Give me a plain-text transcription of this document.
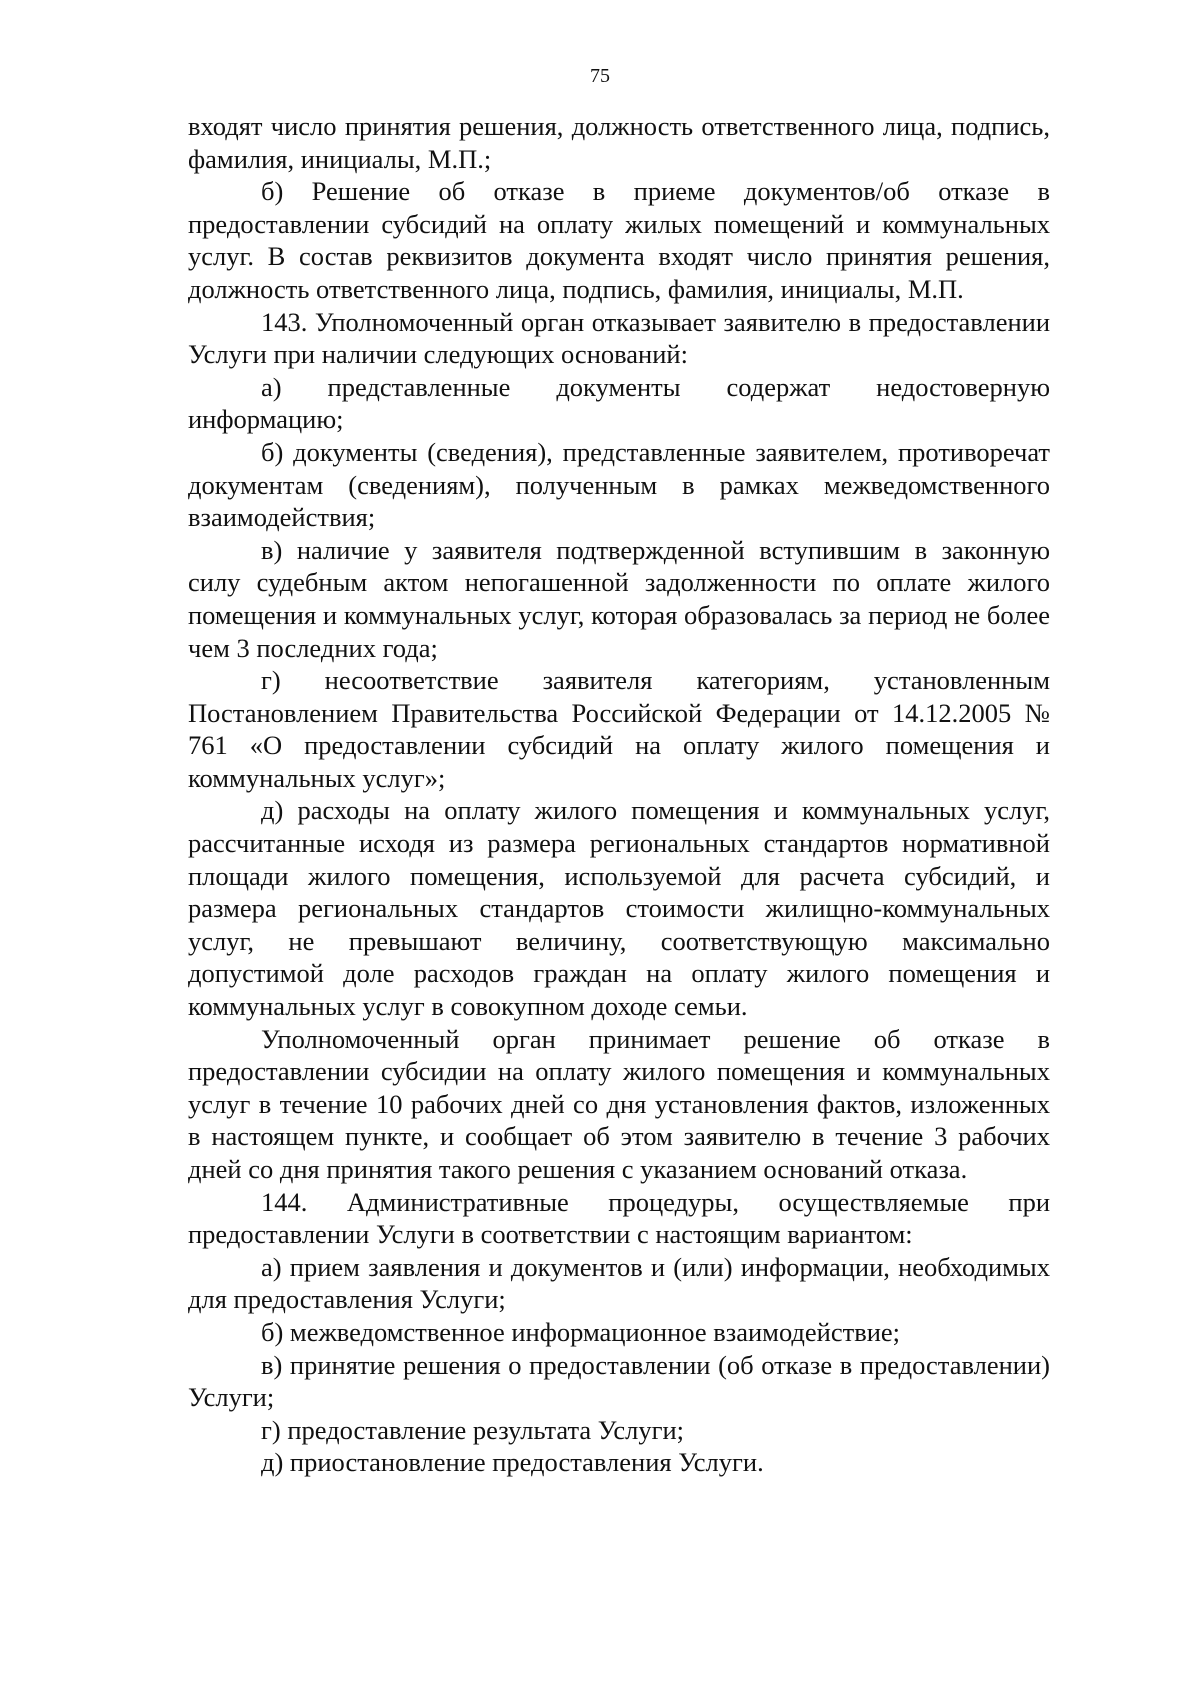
75

входят число принятия решения, должность ответственного лица, подпись, фамилия, инициалы, М.П.;

б) Решение об отказе в приеме документов/об отказе в предоставлении субсидий на оплату жилых помещений и коммунальных услуг. В состав реквизитов документа входят число принятия решения, должность ответственного лица, подпись, фамилия, инициалы, М.П.

143. Уполномоченный орган отказывает заявителю в предоставлении Услуги при наличии следующих оснований:

а) представленные документы содержат недостоверную информацию;

б) документы (сведения), представленные заявителем, противоречат документам (сведениям), полученным в рамках межведомственного взаимодействия;

в) наличие у заявителя подтвержденной вступившим в законную силу судебным актом непогашенной задолженности по оплате жилого помещения и коммунальных услуг, которая образовалась за период не более чем 3 последних года;

г) несоответствие заявителя категориям, установленным Постановлением Правительства Российской Федерации от 14.12.2005 № 761 «О предоставлении субсидий на оплату жилого помещения и коммунальных услуг»;

д) расходы на оплату жилого помещения и коммунальных услуг, рассчитанные исходя из размера региональных стандартов нормативной площади жилого помещения, используемой для расчета субсидий, и размера региональных стандартов стоимости жилищно-коммунальных услуг, не превышают величину, соответствующую максимально допустимой доле расходов граждан на оплату жилого помещения и коммунальных услуг в совокупном доходе семьи.

Уполномоченный орган принимает решение об отказе в предоставлении субсидии на оплату жилого помещения и коммунальных услуг в течение 10 рабочих дней со дня установления фактов, изложенных в настоящем пункте, и сообщает об этом заявителю в течение 3 рабочих дней со дня принятия такого решения с указанием оснований отказа.

144. Административные процедуры, осуществляемые при предоставлении Услуги в соответствии с настоящим вариантом:

а) прием заявления и документов и (или) информации, необходимых для предоставления Услуги;

б) межведомственное информационное взаимодействие;

в) принятие решения о предоставлении (об отказе в предоставлении) Услуги;

г) предоставление результата Услуги;

д) приостановление предоставления Услуги.
